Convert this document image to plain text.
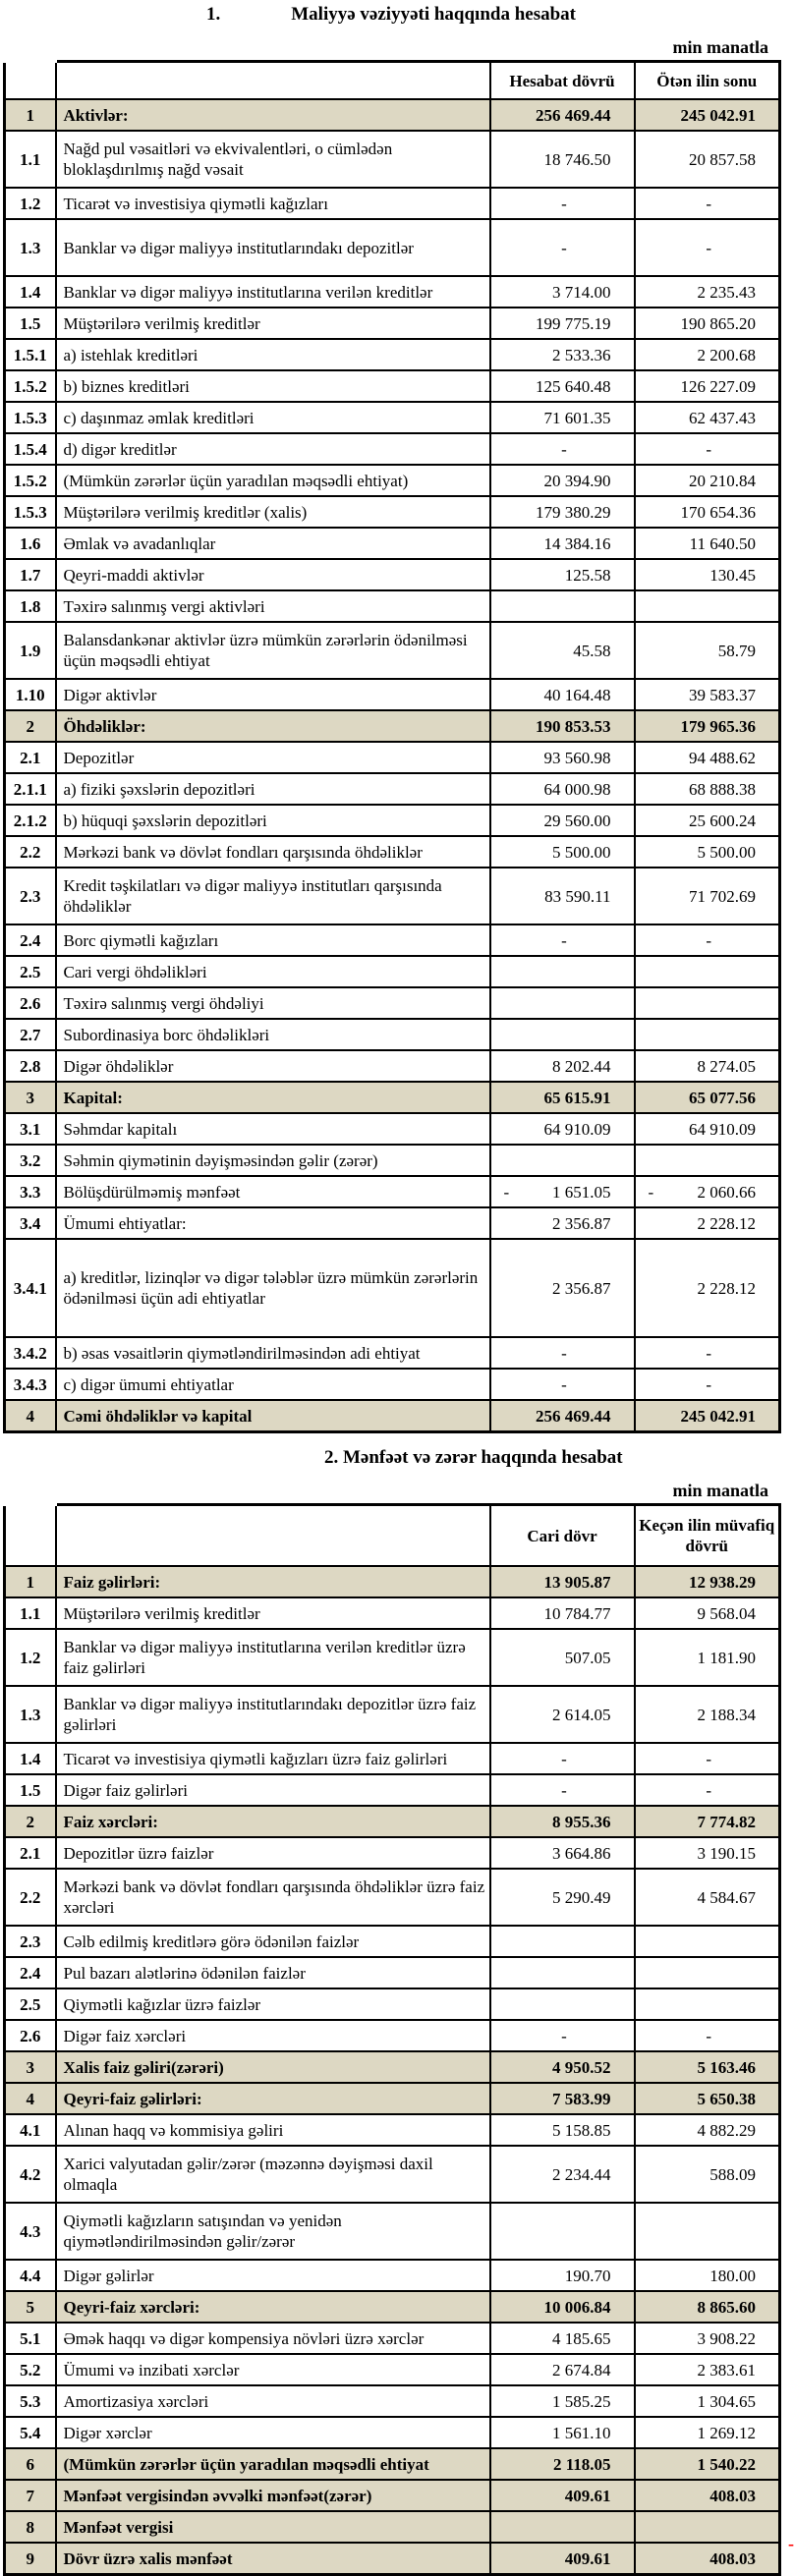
1.	Maliyyə vəziyyəti haqqında hesabat
min manatla
		Hesabat dövrü	Ötən ilin sonu
1	Aktivlər:	256 469.44	245 042.91
1.1	Nağd pul vəsaitləri və ekvivalentləri, o cümlədən bloklaşdırılmış nağd vəsait	18 746.50	20 857.58
1.2	Ticarət və investisiya qiymətli kağızları	-	-
1.3	Banklar və digər maliyyə institutlarındakı depozitlər	-	-
1.4	Banklar və digər maliyyə institutlarına verilən kreditlər	3 714.00	2 235.43
1.5	Müştərilərə verilmiş kreditlər	199 775.19	190 865.20
1.5.1	a) istehlak kreditləri	2 533.36	2 200.68
1.5.2	b) biznes kreditləri	125 640.48	126 227.09
1.5.3	c) daşınmaz əmlak kreditləri	71 601.35	62 437.43
1.5.4	d) digər kreditlər	-	-
1.5.2	(Mümkün zərərlər üçün yaradılan məqsədli ehtiyat)	20 394.90	20 210.84
1.5.3	Müştərilərə verilmiş kreditlər (xalis)	179 380.29	170 654.36
1.6	Əmlak və avadanlıqlar	14 384.16	11 640.50
1.7	Qeyri-maddi aktivlər	125.58	130.45
1.8	Təxirə salınmış vergi aktivləri		
1.9	Balansdankənar aktivlər üzrə mümkün zərərlərin ödənilməsi üçün məqsədli ehtiyat	45.58	58.79
1.10	Digər aktivlər	40 164.48	39 583.37
2	Öhdəliklər:	190 853.53	179 965.36
2.1	Depozitlər	93 560.98	94 488.62
2.1.1	a) fiziki şəxslərin depozitləri	64 000.98	68 888.38
2.1.2	b) hüquqi şəxslərin depozitləri	29 560.00	25 600.24
2.2	Mərkəzi bank və dövlət fondları qarşısında öhdəliklər	5 500.00	5 500.00
2.3	Kredit təşkilatları və digər maliyyə institutları qarşısında öhdəliklər	83 590.11	71 702.69
2.4	Borc qiymətli kağızları	-	-
2.5	Cari vergi öhdəlikləri		
2.6	Təxirə salınmış vergi öhdəliyi		
2.7	Subordinasiya borc öhdəlikləri		
2.8	Digər öhdəliklər	8 202.44	8 274.05
3	Kapital:	65 615.91	65 077.56
3.1	Səhmdar kapitalı	64 910.09	64 910.09
3.2	Səhmin qiymətinin dəyişməsindən gəlir (zərər)		
3.3	Bölüşdürülməmiş mənfəət	- 1 651.05	- 2 060.66
3.4	Ümumi ehtiyatlar:	2 356.87	2 228.12
3.4.1	a) kreditlər, lizinqlər və digər tələblər üzrə mümkün zərərlərin ödənilməsi üçün adi ehtiyatlar	2 356.87	2 228.12
3.4.2	b) əsas vəsaitlərin qiymətləndirilməsindən adi ehtiyat	-	-
3.4.3	c) digər ümumi ehtiyatlar	-	-
4	Cəmi öhdəliklər və kapital	256 469.44	245 042.91
2. Mənfəət və zərər haqqında hesabat
min manatla
		Cari dövr	Keçən ilin müvafiq dövrü
1	Faiz gəlirləri:	13 905.87	12 938.29
1.1	Müştərilərə verilmiş kreditlər	10 784.77	9 568.04
1.2	Banklar və digər maliyyə institutlarına verilən kreditlər üzrə faiz gəlirləri	507.05	1 181.90
1.3	Banklar və digər maliyyə institutlarındakı depozitlər üzrə faiz gəlirləri	2 614.05	2 188.34
1.4	Ticarət və investisiya qiymətli kağızları üzrə faiz gəlirləri	-	-
1.5	Digər faiz gəlirləri	-	-
2	Faiz xərcləri:	8 955.36	7 774.82
2.1	Depozitlər üzrə faizlər	3 664.86	3 190.15
2.2	Mərkəzi bank və dövlət fondları qarşısında öhdəliklər üzrə faiz xərcləri	5 290.49	4 584.67
2.3	Cəlb edilmiş kreditlərə görə ödənilən faizlər		
2.4	Pul bazarı alətlərinə ödənilən faizlər		
2.5	Qiymətli kağızlar üzrə faizlər		
2.6	Digər faiz xərcləri	-	-
3	Xalis faiz gəliri(zərəri)	4 950.52	5 163.46
4	Qeyri-faiz gəlirləri:	7 583.99	5 650.38
4.1	Alınan haqq və kommisiya gəliri	5 158.85	4 882.29
4.2	Xarici valyutadan gəlir/zərər (məzənnə dəyişməsi daxil olmaqla	2 234.44	588.09
4.3	Qiymətli kağızların satışından və yenidən qiymətləndirilməsindən gəlir/zərər		
4.4	Digər gəlirlər	190.70	180.00
5	Qeyri-faiz xərcləri:	10 006.84	8 865.60
5.1	Əmək haqqı və digər kompensiya növləri üzrə xərclər	4 185.65	3 908.22
5.2	Ümumi və inzibati xərclər	2 674.84	2 383.61
5.3	Amortizasiya xərcləri	1 585.25	1 304.65
5.4	Digər xərclər	1 561.10	1 269.12
6	(Mümkün zərərlər üçün yaradılan məqsədli ehtiyat	2 118.05	1 540.22
7	Mənfəət vergisindən əvvəlki mənfəət(zərər)	409.61	408.03
8	Mənfəət vergisi		
9	Dövr üzrə xalis mənfəət	409.61	408.03
-
